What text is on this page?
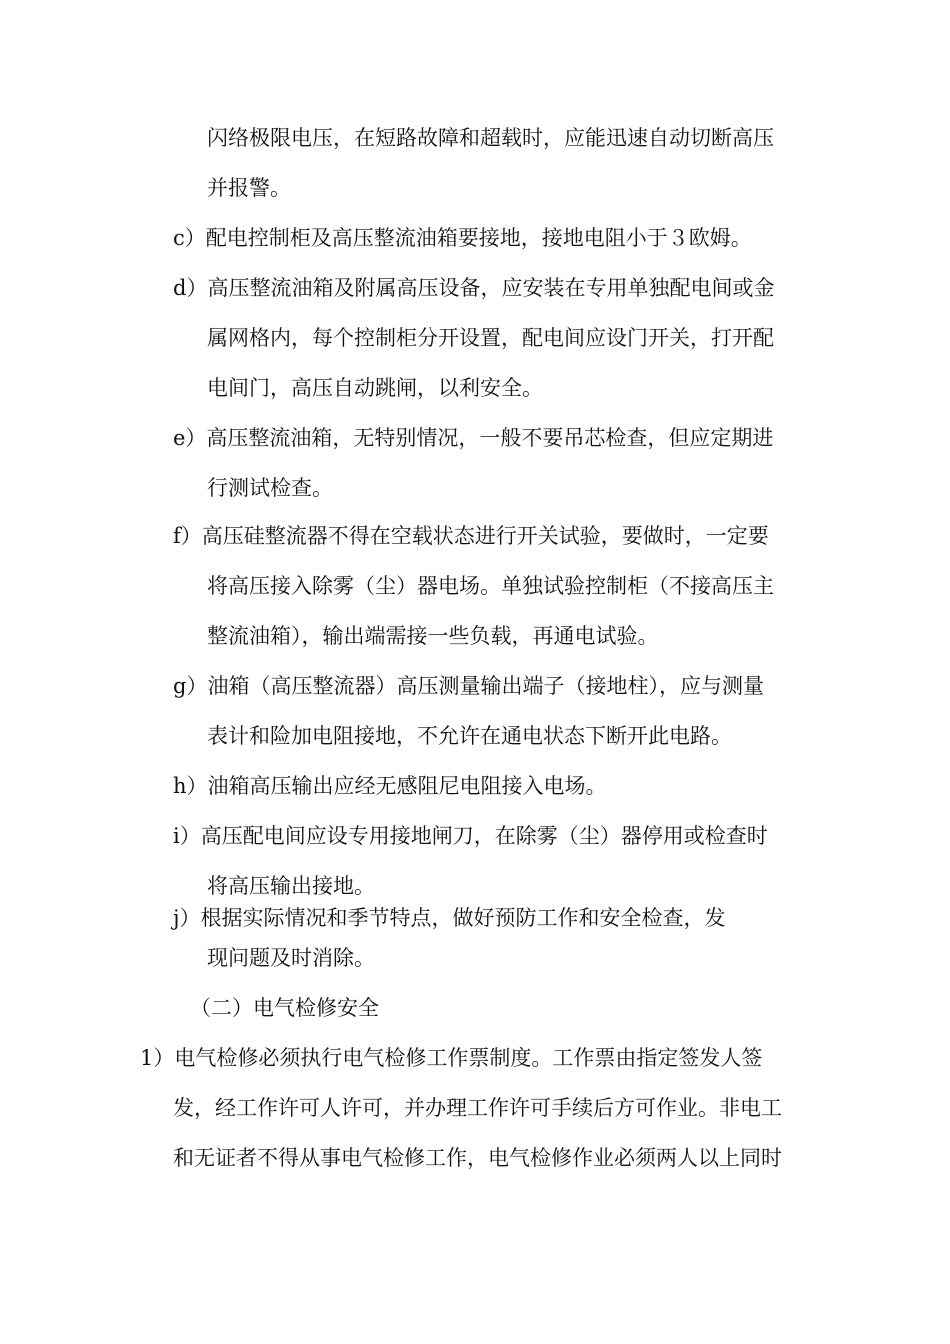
闪络极限电压，在短路故障和超载时，应能迅速自动切断高压
并报警。
c）配电控制柜及高压整流油箱要接地，接地电阻小于３欧姆。
d）高压整流油箱及附属高压设备，应安装在专用单独配电间或金
属网格内，每个控制柜分开设置，配电间应设门开关，打开配
电间门，高压自动跳闸，以利安全。
e）高压整流油箱，无特别情况，一般不要吊芯检查，但应定期进
行测试检查。
f）高压硅整流器不得在空载状态进行开关试验，要做时，一定要
将高压接入除雾（尘）器电场。单独试验控制柜（不接高压主
整流油箱），输出端需接一些负载，再通电试验。
g）油箱（高压整流器）高压测量输出端子（接地柱），应与测量
表计和险加电阻接地，不允许在通电状态下断开此电路。
h）油箱高压输出应经无感阻尼电阻接入电场。
i）高压配电间应设专用接地闸刀，在除雾（尘）器停用或检查时
将高压输出接地。
j）根据实际情况和季节特点，做好预防工作和安全检查，发
现问题及时消除。
（二）电气检修安全
1）电气检修必须执行电气检修工作票制度。工作票由指定签发人签
发，经工作许可人许可，并办理工作许可手续后方可作业。非电工
和无证者不得从事电气检修工作，电气检修作业必须两人以上同时
